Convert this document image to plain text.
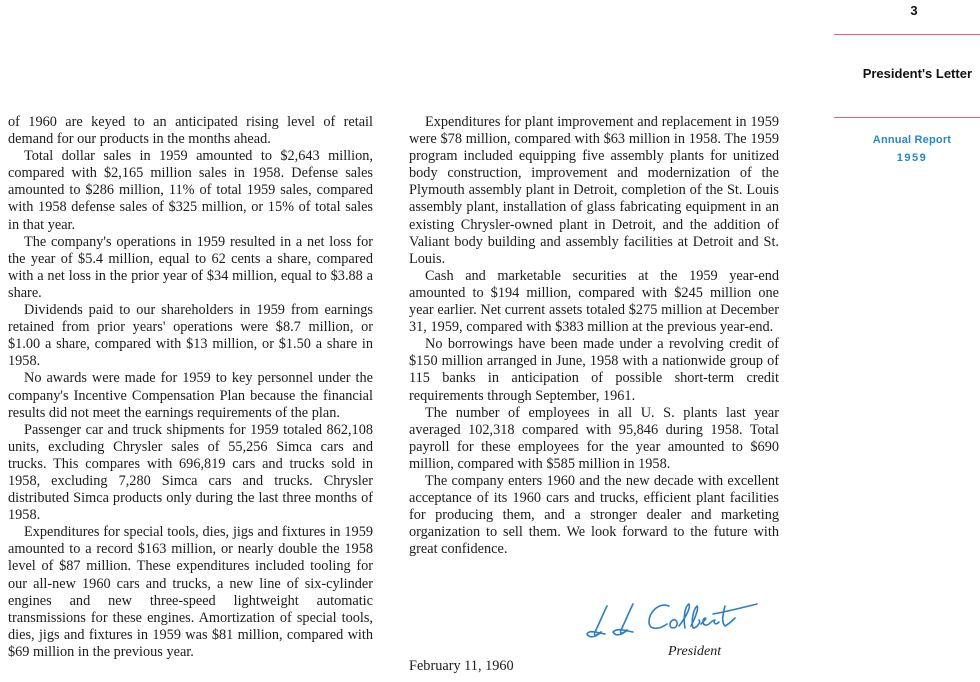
3
President's Letter
Annual Report
1959

of 1960 are keyed to an anticipated rising level of retail demand for our products in the months ahead.

Total dollar sales in 1959 amounted to $2,643 million, compared with $2,165 million sales in 1958. Defense sales amounted to $286 million, 11% of total 1959 sales, compared with 1958 defense sales of $325 million, or 15% of total sales in that year.

The company's operations in 1959 resulted in a net loss for the year of $5.4 million, equal to 62 cents a share, compared with a net loss in the prior year of $34 million, equal to $3.88 a share.

Dividends paid to our shareholders in 1959 from earnings retained from prior years' operations were $8.7 million, or $1.00 a share, compared with $13 million, or $1.50 a share in 1958.

No awards were made for 1959 to key personnel under the company's Incentive Compensation Plan because the financial results did not meet the earnings requirements of the plan.

Passenger car and truck shipments for 1959 totaled 862,108 units, excluding Chrysler sales of 55,256 Simca cars and trucks. This compares with 696,819 cars and trucks sold in 1958, excluding 7,280 Simca cars and trucks. Chrysler distributed Simca products only during the last three months of 1958.

Expenditures for special tools, dies, jigs and fixtures in 1959 amounted to a record $163 million, or nearly double the 1958 level of $87 million. These expenditures included tooling for our all-new 1960 cars and trucks, a new line of six-cylinder engines and new three-speed lightweight automatic transmissions for these engines. Amortization of special tools, dies, jigs and fixtures in 1959 was $81 million, compared with $69 million in the previous year.

Expenditures for plant improvement and replacement in 1959 were $78 million, compared with $63 million in 1958. The 1959 program included equipping five assembly plants for unitized body construction, improvement and modernization of the Plymouth assembly plant in Detroit, completion of the St. Louis assembly plant, installation of glass fabricating equipment in an existing Chrysler-owned plant in Detroit, and the addition of Valiant body building and assembly facilities at Detroit and St. Louis.

Cash and marketable securities at the 1959 year-end amounted to $194 million, compared with $245 million one year earlier. Net current assets totaled $275 million at December 31, 1959, compared with $383 million at the previous year-end.

No borrowings have been made under a revolving credit of $150 million arranged in June, 1958 with a nationwide group of 115 banks in anticipation of possible short-term credit requirements through September, 1961.

The number of employees in all U. S. plants last year averaged 102,318 compared with 95,846 during 1958. Total payroll for these employees for the year amounted to $690 million, compared with $585 million in 1958.

The company enters 1960 and the new decade with excellent acceptance of its 1960 cars and trucks, efficient plant facilities for producing them, and a stronger dealer and marketing organization to sell them. We look forward to the future with great confidence.

President
February 11, 1960
